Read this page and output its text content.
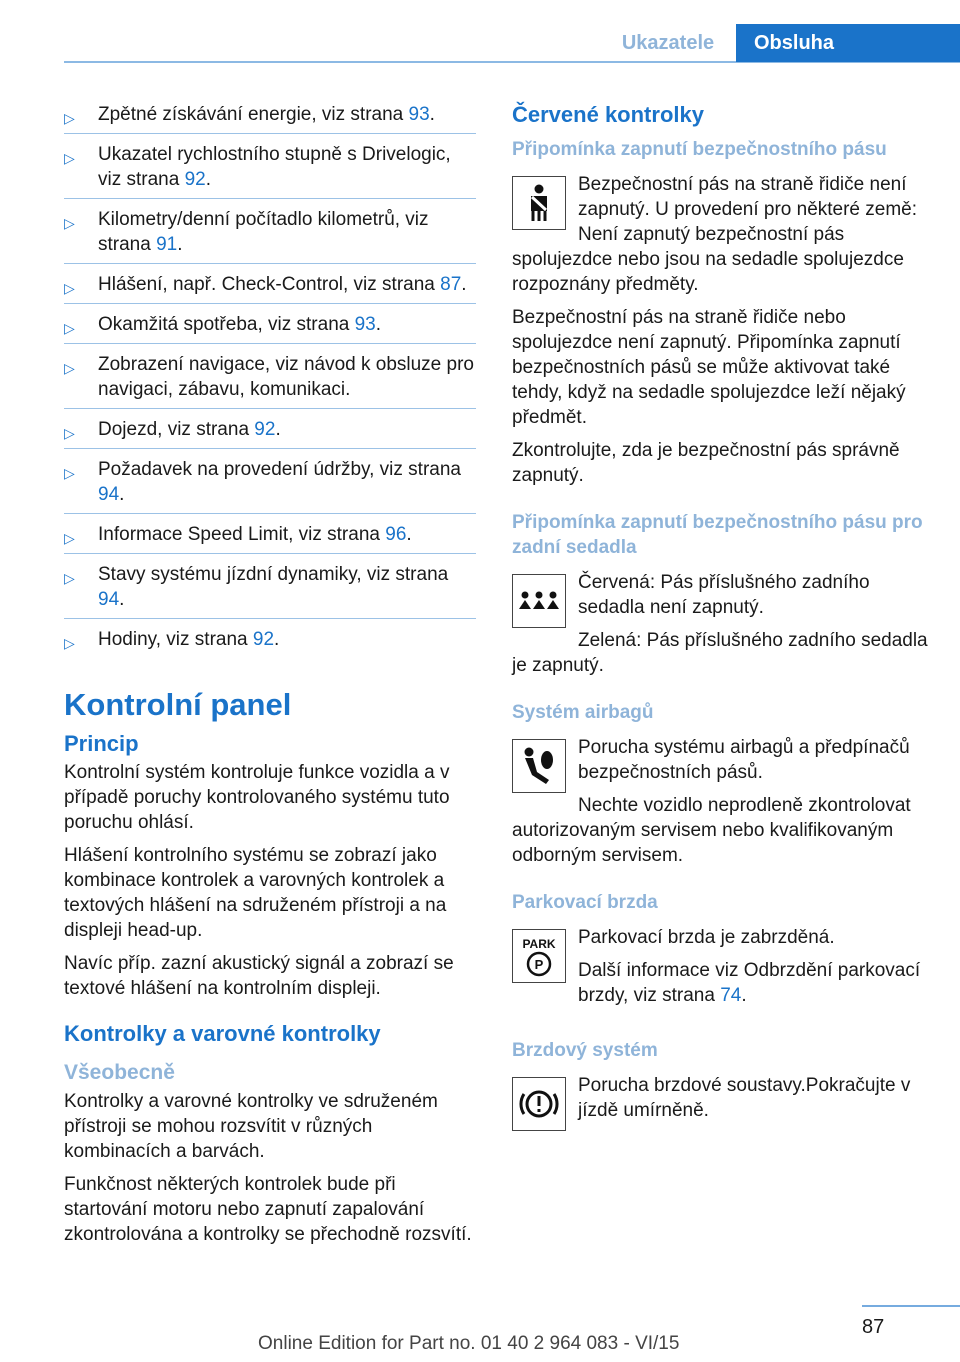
Ukazatele	Obsluha
▷ Zpětné získávání energie, viz strana 93.
▷ Ukazatel rychlostního stupně s Drivelogic, viz strana 92.
▷ Kilometry/denní počítadlo kilometrů, viz strana 91.
▷ Hlášení, např. Check-Control, viz strana 87.
▷ Okamžitá spotřeba, viz strana 93.
▷ Zobrazení navigace, viz návod k obsluze pro navigaci, zábavu, komunikaci.
▷ Dojezd, viz strana 92.
▷ Požadavek na provedení údržby, viz strana 94.
▷ Informace Speed Limit, viz strana 96.
▷ Stavy systému jízdní dynamiky, viz strana 94.
▷ Hodiny, viz strana 92.
Kontrolní panel
Princip

Kontrolní systém kontroluje funkce vozidla a v případě poruchy kontrolovaného systému tuto poruchu ohlásí.

Hlášení kontrolního systému se zobrazí jako kombinace kontrolek a varovných kontrolek a textových hlášení na sdruženém přístroji a na displeji head-up.

Navíc příp. zazní akustický signál a zobrazí se textové hlášení na kontrolním displeji.

Kontrolky a varovné kontrolky
Všeobecně

Kontrolky a varovné kontrolky ve sdruženém přístroji se mohou rozsvítit v různých kombinacích a barvách.

Funkčnost některých kontrolek bude při startování motoru nebo zapnutí zapalování zkontrolována a kontrolky se přechodně rozsvítí.

Červené kontrolky
Připomínka zapnutí bezpečnostního pásu

Bezpečnostní pás na straně řidiče není zapnutý. U provedení pro některé země: Není zapnutý bezpečnostní pás spolujezdce nebo jsou na sedadle spolujezdce rozpoznány předměty.

Bezpečnostní pás na straně řidiče nebo spolujezdce není zapnutý. Připomínka zapnutí bezpečnostních pásů se může aktivovat také tehdy, když na sedadle spolujezdce leží nějaký předmět.

Zkontrolujte, zda je bezpečnostní pás správně zapnutý.

Připomínka zapnutí bezpečnostního pásu pro zadní sedadla

Červená: Pás příslušného zadního sedadla není zapnutý.

Zelená: Pás příslušného zadního sedadla je zapnutý.

Systém airbagů

Porucha systému airbagů a předpínačů bezpečnostních pásů.

Nechte vozidlo neprodleně zkontrolovat autorizovaným servisem nebo kvalifikovaným odborným servisem.

Parkovací brzda
PARK
P

Parkovací brzda je zabrzděná.

Další informace viz Odbrzdění parkovací brzdy, viz strana 74.

Brzdový systém

Porucha brzdové soustavy.Pokračujte v jízdě umírněně.

87
Online Edition for Part no. 01 40 2 964 083 - VI/15
